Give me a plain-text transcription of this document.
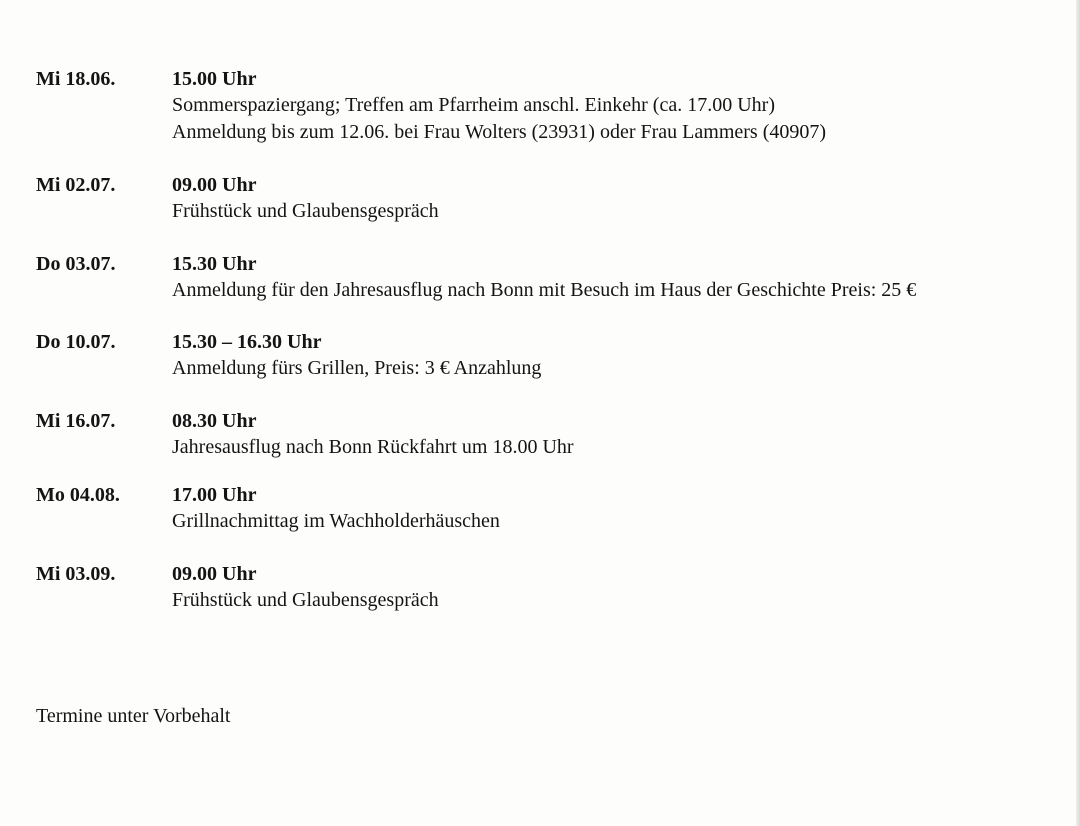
Mi 18.06.	15.00 Uhr
Sommerspaziergang; Treffen am Pfarrheim anschl. Einkehr (ca. 17.00 Uhr)
Anmeldung bis zum 12.06. bei Frau Wolters (23931) oder Frau Lammers (40907)
Mi 02.07.	09.00 Uhr
Frühstück und Glaubensgespräch
Do 03.07.	15.30 Uhr
Anmeldung für den Jahresausflug nach Bonn mit Besuch im Haus der Geschichte Preis: 25 €
Do 10.07.	15.30 – 16.30 Uhr
Anmeldung fürs Grillen, Preis: 3 € Anzahlung
Mi 16.07.	08.30 Uhr
Jahresausflug nach Bonn Rückfahrt um 18.00 Uhr
Mo 04.08.	17.00 Uhr
Grillnachmittag im Wachholderhäuschen
Mi 03.09.	09.00 Uhr
Frühstück und Glaubensgespräch
Termine unter Vorbehalt
